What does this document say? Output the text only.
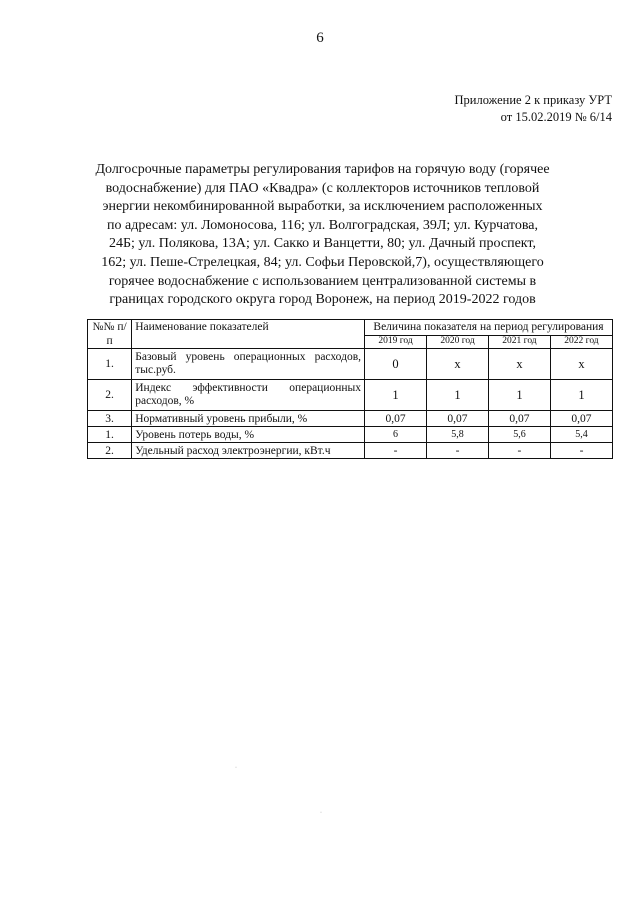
6
Приложение 2 к приказу УРТ
от 15.02.2019 № 6/14
Долгосрочные параметры регулирования тарифов на горячую воду (горячее водоснабжение) для ПАО «Квадра» (с коллекторов источников тепловой энергии некомбинированной выработки, за исключением расположенных по адресам: ул. Ломоносова, 116; ул. Волгоградская, 39Л; ул. Курчатова, 24Б; ул. Полякова, 13А; ул. Сакко и Ванцетти, 80; ул. Дачный проспект, 162; ул. Пеше-Стрелецкая, 84; ул. Софьи Перовской,7), осуществляющего горячее водоснабжение с использованием централизованной системы в границах городского округа город Воронеж, на период 2019-2022 годов
№№ п/п	Наименование показателей	Величина показателя на период регулирования			
		2019 год	2020 год	2021 год	2022 год
1.	Базовый уровень операционных расходов, тыс.руб.	0	x	x	x
2.	Индекс эффективности операционных расходов, %	1	1	1	1
3.	Нормативный уровень прибыли, %	0,07	0,07	0,07	0,07
1.	Уровень потерь воды, %	6	5,8	5,6	5,4
2.	Удельный расход электроэнергии, кВт.ч	-	-	-	-
·
·
